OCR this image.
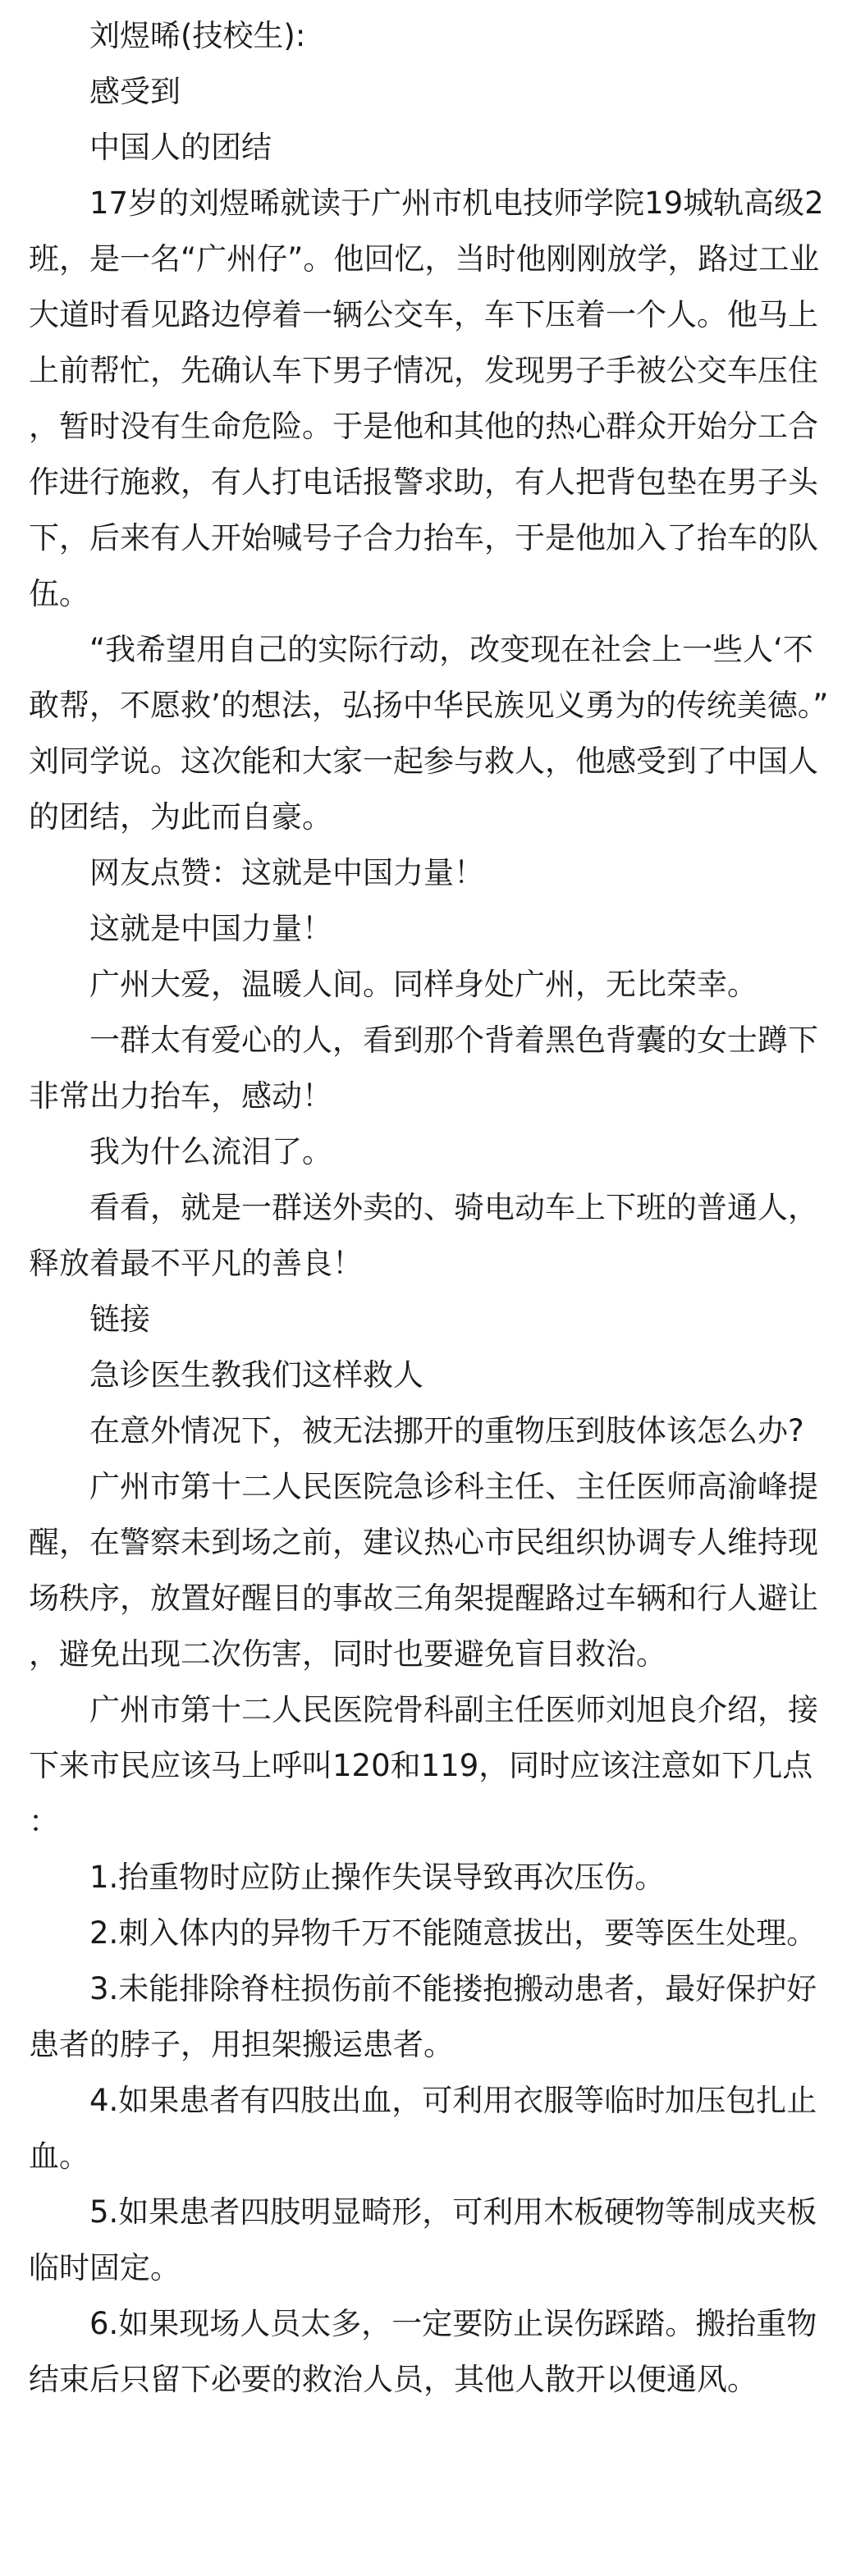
刘煜晞(技校生):

感受到

中国人的团结

17岁的刘煜晞就读于广州市机电技师学院19城轨高级2班，是一名“广州仔”。他回忆，当时他刚刚放学，路过工业大道时看见路边停着一辆公交车，车下压着一个人。他马上上前帮忙，先确认车下男子情况，发现男子手被公交车压住，暂时没有生命危险。于是他和其他的热心群众开始分工合作进行施救，有人打电话报警求助，有人把背包垫在男子头下，后来有人开始喊号子合力抬车，于是他加入了抬车的队伍。

“我希望用自己的实际行动，改变现在社会上一些人‘不敢帮，不愿救’的想法，弘扬中华民族见义勇为的传统美德。”刘同学说。这次能和大家一起参与救人，他感受到了中国人的团结，为此而自豪。

网友点赞：这就是中国力量！

这就是中国力量！

广州大爱，温暖人间。同样身处广州，无比荣幸。

一群太有爱心的人，看到那个背着黑色背囊的女士蹲下非常出力抬车，感动！

我为什么流泪了。

看看，就是一群送外卖的、骑电动车上下班的普通人，释放着最不平凡的善良！

链接

急诊医生教我们这样救人

在意外情况下，被无法挪开的重物压到肢体该怎么办?

广州市第十二人民医院急诊科主任、主任医师高渝峰提醒，在警察未到场之前，建议热心市民组织协调专人维持现场秩序，放置好醒目的事故三角架提醒路过车辆和行人避让，避免出现二次伤害，同时也要避免盲目救治。

广州市第十二人民医院骨科副主任医师刘旭良介绍，接下来市民应该马上呼叫120和119，同时应该注意如下几点：

1.抬重物时应防止操作失误导致再次压伤。

2.刺入体内的异物千万不能随意拔出，要等医生处理。

3.未能排除脊柱损伤前不能搂抱搬动患者，最好保护好患者的脖子，用担架搬运患者。

4.如果患者有四肢出血，可利用衣服等临时加压包扎止血。

5.如果患者四肢明显畸形，可利用木板硬物等制成夹板临时固定。

6.如果现场人员太多，一定要防止误伤踩踏。搬抬重物结束后只留下必要的救治人员，其他人散开以便通风。
